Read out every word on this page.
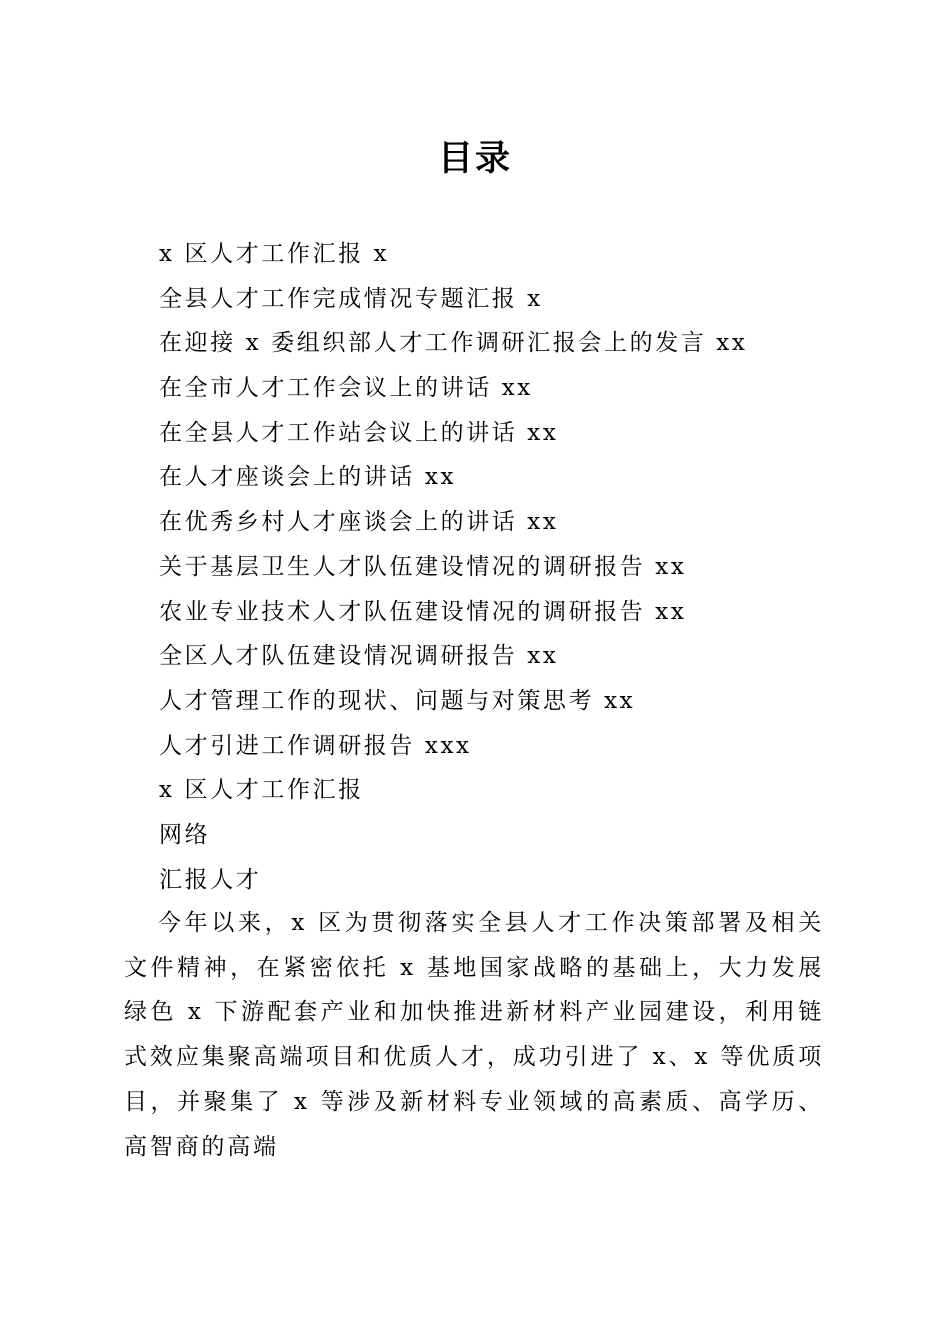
目录
x 区人才工作汇报 x
全县人才工作完成情况专题汇报 x
在迎接 x 委组织部人才工作调研汇报会上的发言 xx
在全市人才工作会议上的讲话 xx
在全县人才工作站会议上的讲话 xx
在人才座谈会上的讲话 xx
在优秀乡村人才座谈会上的讲话 xx
关于基层卫生人才队伍建设情况的调研报告 xx
农业专业技术人才队伍建设情况的调研报告 xx
全区人才队伍建设情况调研报告 xx
人才管理工作的现状、问题与对策思考 xx
人才引进工作调研报告 xxx
x 区人才工作汇报
网络
汇报人才

今年以来，x 区为贯彻落实全县人才工作决策部署及相关文件精神，在紧密依托 x 基地国家战略的基础上，大力发展绿色 x 下游配套产业和加快推进新材料产业园建设，利用链式效应集聚高端项目和优质人才，成功引进了 x、x 等优质项目，并聚集了 x 等涉及新材料专业领域的高素质、高学历、高智商的高端
